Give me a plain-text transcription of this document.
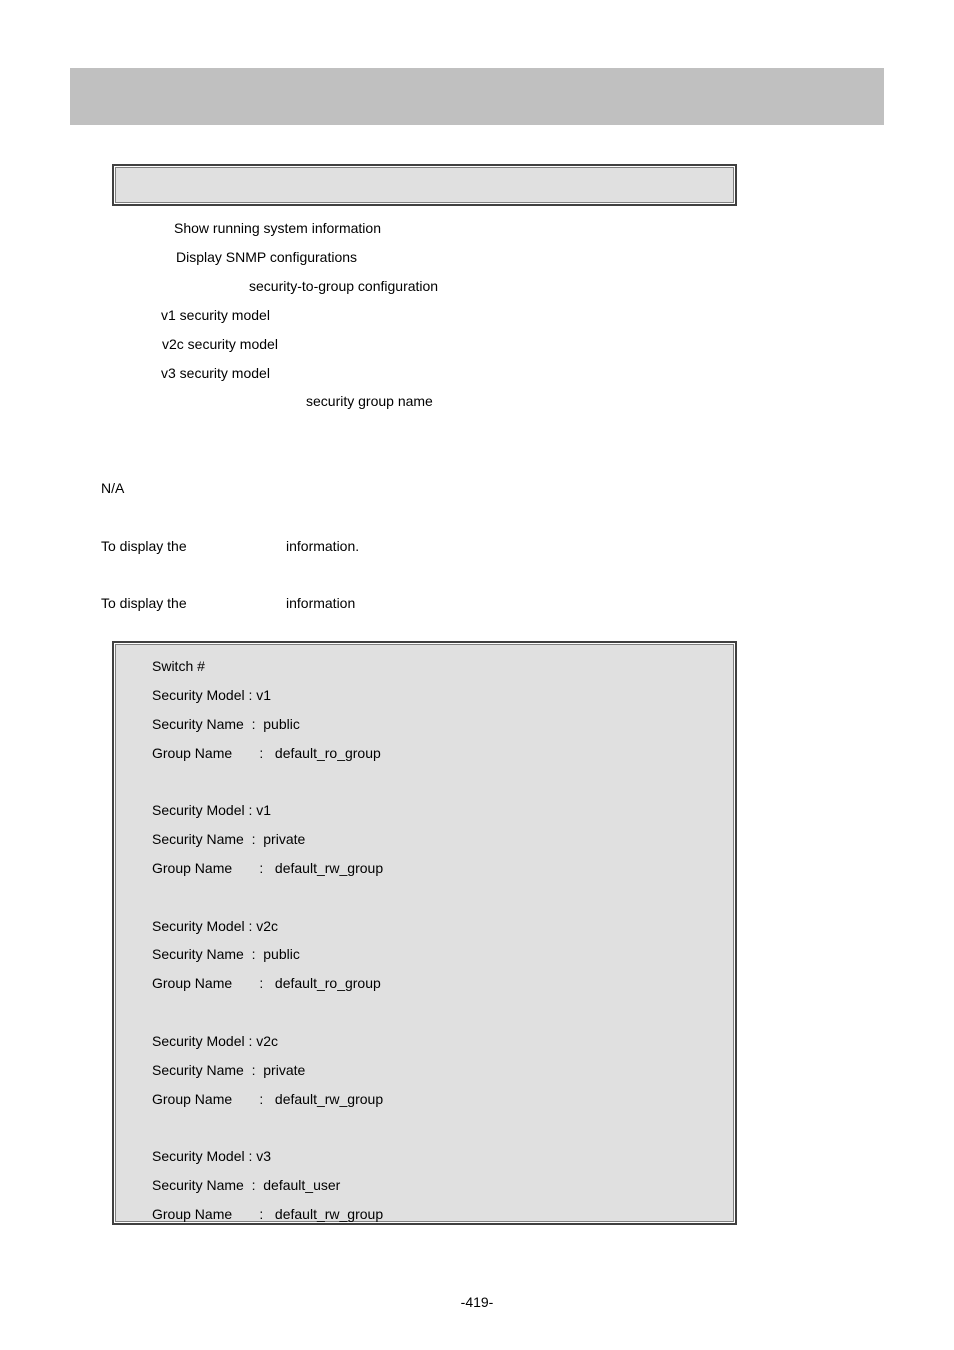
Show running system information
Display SNMP configurations
security-to-group configuration
v1 security model
v2c security model
v3 security model
security group name
N/A
To display the	information.
To display the	information
Switch #
Security Model : v1
Security Name  :  public
Group Name       :   default_ro_group
Security Model : v1
Security Name  :  private
Group Name       :   default_rw_group
Security Model : v2c
Security Name  :  public
Group Name       :   default_ro_group
Security Model : v2c
Security Name  :  private
Group Name       :   default_rw_group
Security Model : v3
Security Name  :  default_user
Group Name       :   default_rw_group
-419-
